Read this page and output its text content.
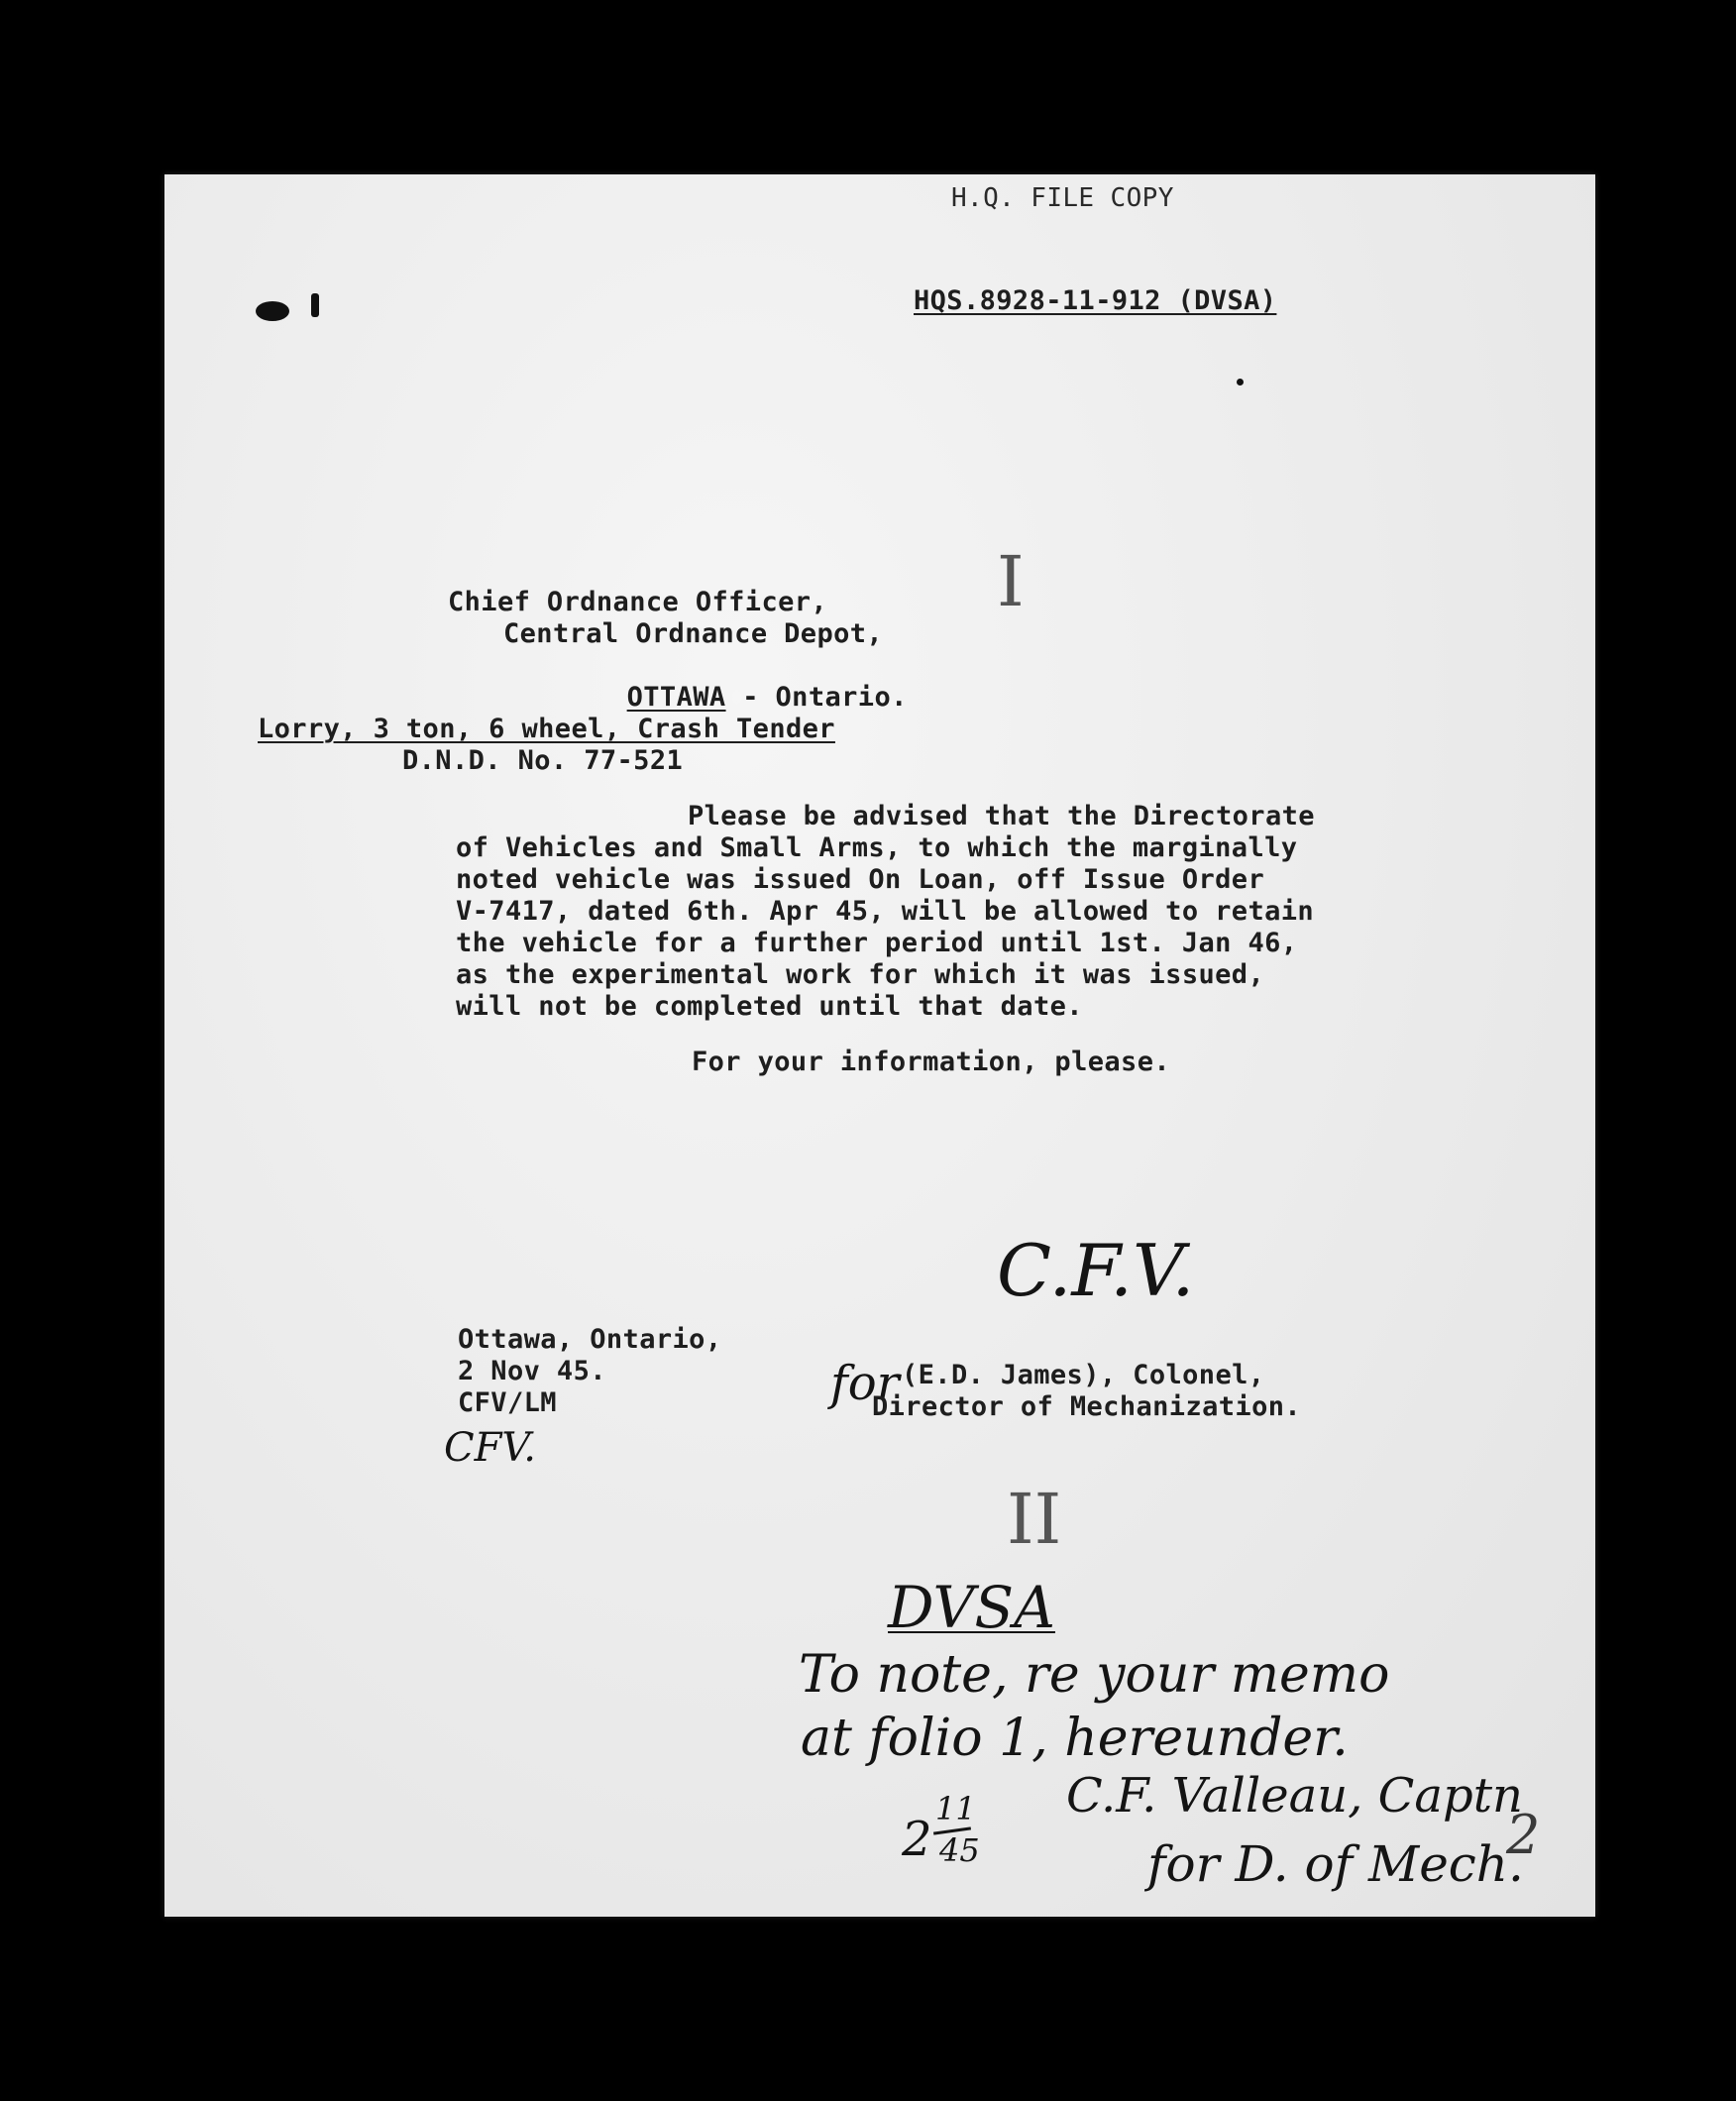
H.Q. FILE COPY
HQS.8928-11-912 (DVSA)
I
Chief Ordnance Officer,
Central Ordnance Depot,

OTTAWA - Ontario.

Lorry, 3 ton, 6 wheel, Crash Tender
D.N.D. No. 77-521
Please be advised that the Directorate
of Vehicles and Small Arms, to which the marginally
noted vehicle was issued On Loan, off Issue Order
V-7417, dated 6th. Apr 45, will be allowed to retain
the vehicle for a further period until 1st. Jan 46,
as the experimental work for which it was issued,
will not be completed until that date.
For your information, please.
C.F.V.
for (E.D. James), Colonel,
Director of Mechanization.
Ottawa, Ontario,
2 Nov 45.
CFV/LM
CFV.
II
DVSA
To note, re your memo
at folio 1, hereunder.
C.F. Valleau, Captn
for D. of Mech.
2
11
45	2
